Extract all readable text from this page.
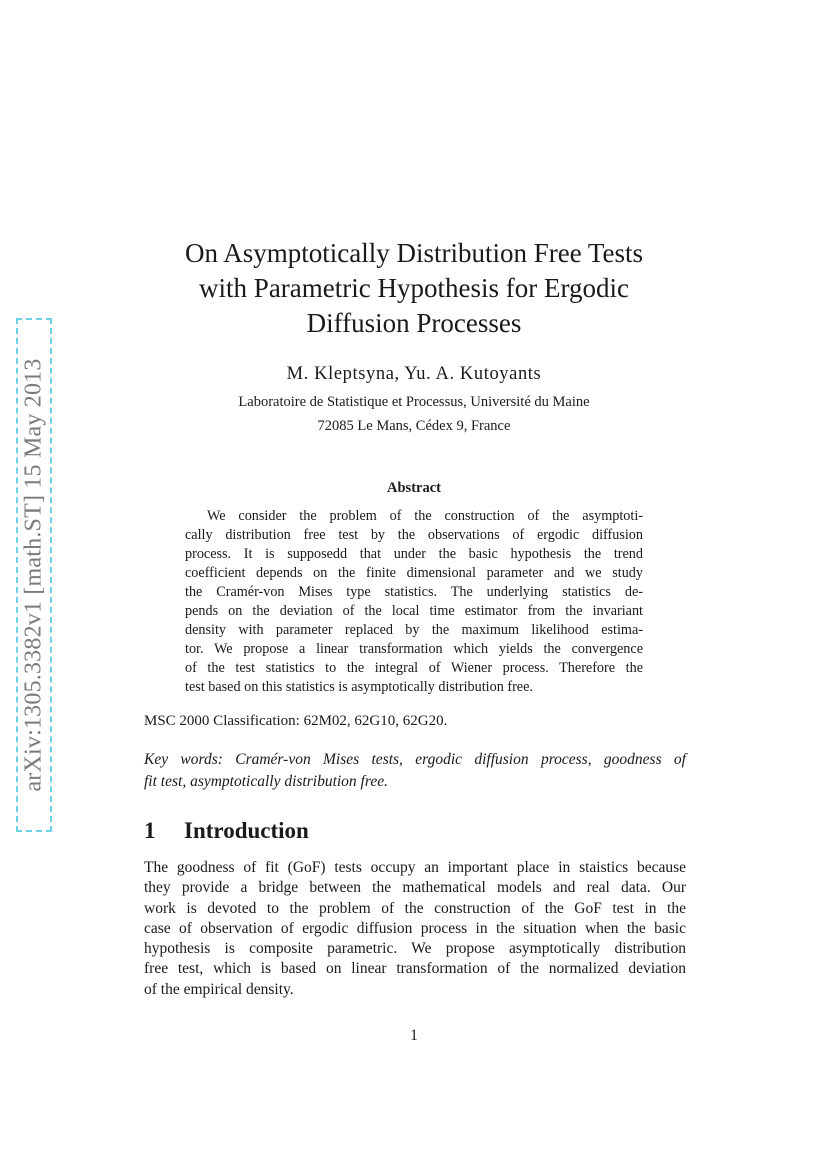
arXiv:1305.3382v1 [math.ST] 15 May 2013
On Asymptotically Distribution Free Tests
with Parametric Hypothesis for Ergodic
Diffusion Processes
M. Kleptsyna, Yu. A. Kutoyants
Laboratoire de Statistique et Processus, Université du Maine
72085 Le Mans, Cédex 9, France
Abstract
We consider the problem of the construction of the asymptoti-
cally distribution free test by the observations of ergodic diffusion
process. It is supposedd that under the basic hypothesis the trend
coefficient depends on the finite dimensional parameter and we study
the Cramér-von Mises type statistics. The underlying statistics de-
pends on the deviation of the local time estimator from the invariant
density with parameter replaced by the maximum likelihood estima-
tor. We propose a linear transformation which yields the convergence
of the test statistics to the integral of Wiener process. Therefore the
test based on this statistics is asymptotically distribution free.
MSC 2000 Classification: 62M02, 62G10, 62G20.
Key words: Cramér-von Mises tests, ergodic diffusion process, goodness of
fit test, asymptotically distribution free.
1 Introduction
The goodness of fit (GoF) tests occupy an important place in staistics because
they provide a bridge between the mathematical models and real data. Our
work is devoted to the problem of the construction of the GoF test in the
case of observation of ergodic diffusion process in the situation when the basic
hypothesis is composite parametric. We propose asymptotically distribution
free test, which is based on linear transformation of the normalized deviation
of the empirical density.
1
